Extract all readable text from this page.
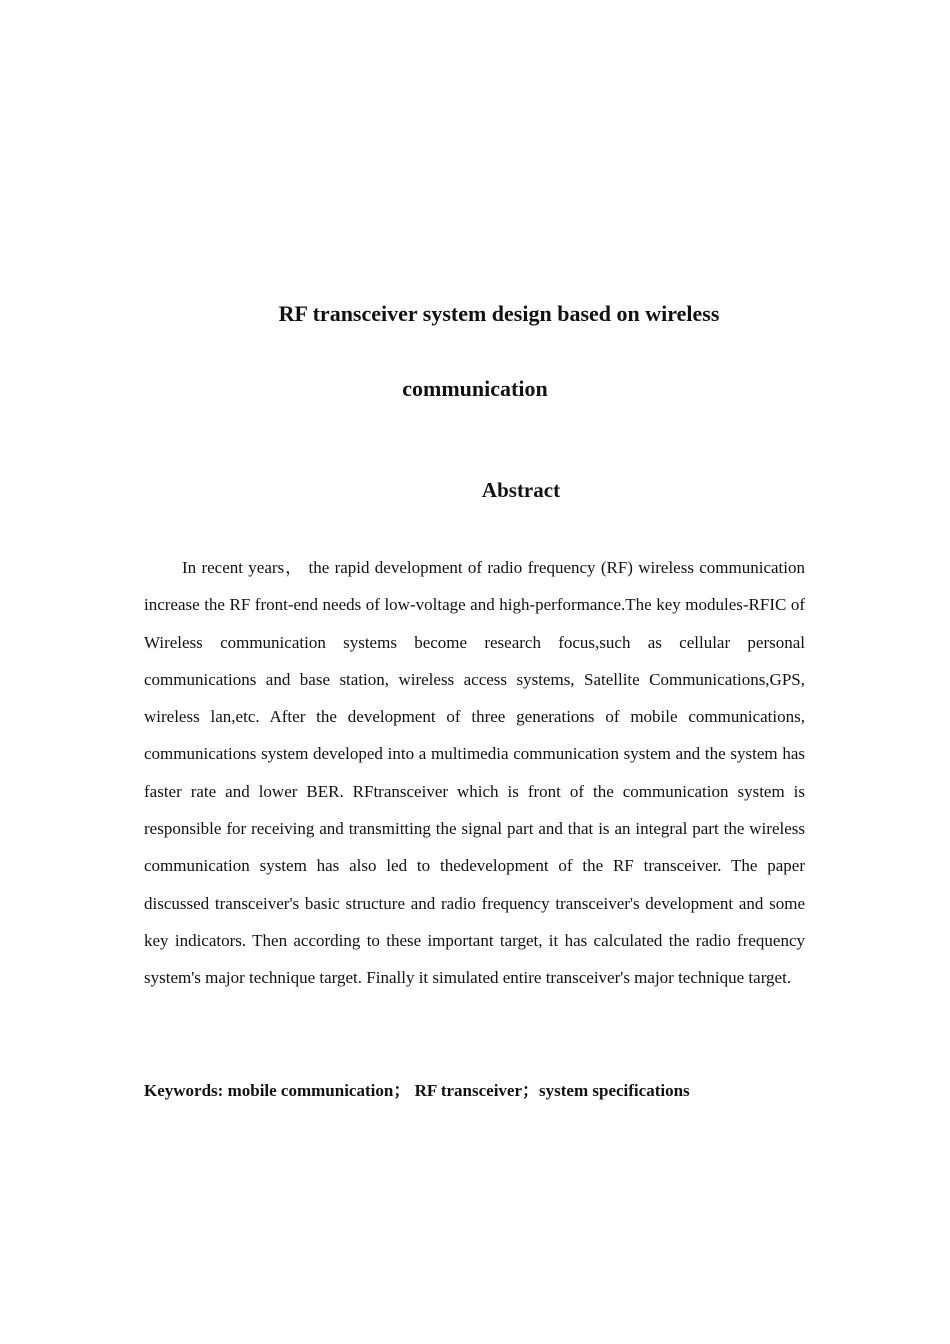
RF transceiver system design based on wireless
communication
Abstract

In recent years， the rapid development of radio frequency (RF) wireless communication increase the RF front-end needs of low-voltage and high-performance.The key modules-RFIC of Wireless communication systems become research focus,such as cellular personal communications and base station, wireless access systems, Satellite Communications,GPS, wireless lan,etc. After the development of three generations of mobile communications, communications system developed into a multimedia communication system and the system has faster rate and lower BER. RFtransceiver which is front of the communication system is responsible for receiving and transmitting the signal part and that is an integral part the wireless communication system has also led to thedevelopment of the RF transceiver. The paper discussed transceiver's basic structure and radio frequency transceiver's development and some key indicators. Then according to these important target, it has calculated the radio frequency system's major technique target. Finally it simulated entire transceiver's major technique target.

Keywords: mobile communication； RF transceiver；system specifications
